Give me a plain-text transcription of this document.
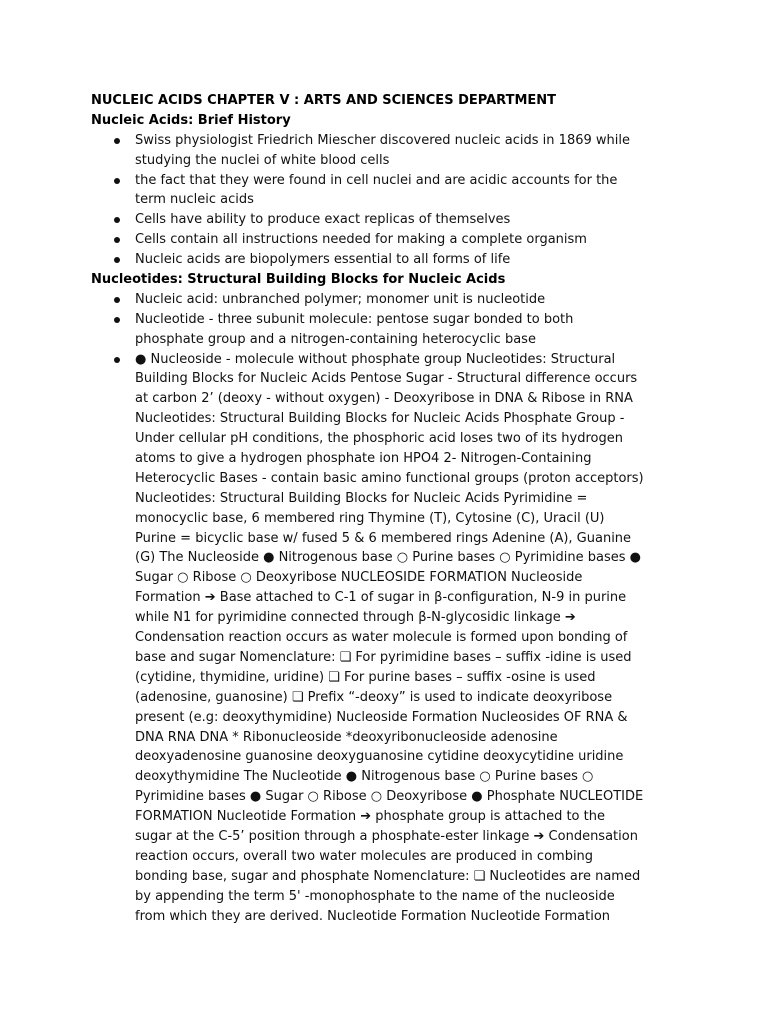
NUCLEIC ACIDS CHAPTER V : ARTS AND SCIENCES DEPARTMENT
Nucleic Acids: Brief History
Swiss physiologist Friedrich Miescher discovered nucleic acids in 1869 while
studying the nuclei of white blood cells
the fact that they were found in cell nuclei and are acidic accounts for the
term nucleic acids
Cells have ability to produce exact replicas of themselves
Cells contain all instructions needed for making a complete organism
Nucleic acids are biopolymers essential to all forms of life
Nucleotides: Structural Building Blocks for Nucleic Acids
Nucleic acid: unbranched polymer; monomer unit is nucleotide
Nucleotide - three subunit molecule: pentose sugar bonded to both
phosphate group and a nitrogen-containing heterocyclic base
● Nucleoside - molecule without phosphate group Nucleotides: Structural
Building Blocks for Nucleic Acids Pentose Sugar - Structural difference occurs
at carbon 2’ (deoxy - without oxygen) - Deoxyribose in DNA & Ribose in RNA
Nucleotides: Structural Building Blocks for Nucleic Acids Phosphate Group -
Under cellular pH conditions, the phosphoric acid loses two of its hydrogen
atoms to give a hydrogen phosphate ion HPO4 2- Nitrogen-Containing
Heterocyclic Bases - contain basic amino functional groups (proton acceptors)
Nucleotides: Structural Building Blocks for Nucleic Acids Pyrimidine =
monocyclic base, 6 membered ring Thymine (T), Cytosine (C), Uracil (U)
Purine = bicyclic base w/ fused 5 & 6 membered rings Adenine (A), Guanine
(G) The Nucleoside ● Nitrogenous base ○ Purine bases ○ Pyrimidine bases ●
Sugar ○ Ribose ○ Deoxyribose NUCLEOSIDE FORMATION Nucleoside
Formation ➔ Base attached to C-1 of sugar in β-configuration, N-9 in purine
while N1 for pyrimidine connected through β-N-glycosidic linkage ➔
Condensation reaction occurs as water molecule is formed upon bonding of
base and sugar Nomenclature: ❏ For pyrimidine bases – suffix -idine is used
(cytidine, thymidine, uridine) ❏ For purine bases – suffix -osine is used
(adenosine, guanosine) ❏ Prefix “-deoxy” is used to indicate deoxyribose
present (e.g: deoxythymidine) Nucleoside Formation Nucleosides OF RNA &
DNA RNA DNA * Ribonucleoside *deoxyribonucleoside adenosine
deoxyadenosine guanosine deoxyguanosine cytidine deoxycytidine uridine
deoxythymidine The Nucleotide ● Nitrogenous base ○ Purine bases ○
Pyrimidine bases ● Sugar ○ Ribose ○ Deoxyribose ● Phosphate NUCLEOTIDE
FORMATION Nucleotide Formation ➔ phosphate group is attached to the
sugar at the C-5’ position through a phosphate-ester linkage ➔ Condensation
reaction occurs, overall two water molecules are produced in combing
bonding base, sugar and phosphate Nomenclature: ❏ Nucleotides are named
by appending the term 5' -monophosphate to the name of the nucleoside
from which they are derived. Nucleotide Formation Nucleotide Formation
